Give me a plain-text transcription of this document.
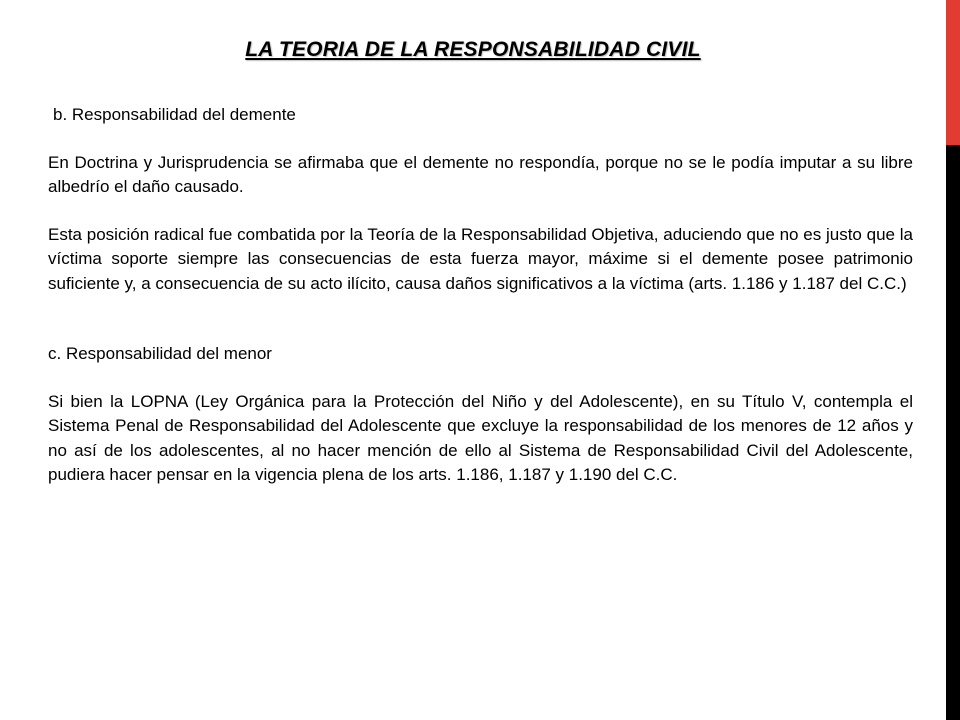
LA TEORIA DE LA RESPONSABILIDAD CIVIL

b. Responsabilidad del demente

En Doctrina y Jurisprudencia se afirmaba que el demente no respondía, porque no se le podía imputar a su libre albedrío el daño causado.

Esta posición radical fue combatida por la Teoría de la Responsabilidad Objetiva, aduciendo que no es justo que la víctima soporte siempre las consecuencias de esta fuerza mayor, máxime si el demente posee patrimonio suficiente y, a consecuencia de su acto ilícito, causa daños significativos a la víctima (arts. 1.186 y 1.187 del C.C.)

c. Responsabilidad del menor

Si bien la LOPNA (Ley Orgánica para la Protección del Niño y del Adolescente), en su Título V, contempla el Sistema Penal de Responsabilidad del Adolescente que excluye la responsabilidad de los menores de 12 años y no así de los adolescentes, al no hacer mención de ello al Sistema de Responsabilidad Civil del Adolescente, pudiera hacer pensar en la vigencia plena de los arts. 1.186, 1.187 y 1.190 del C.C.
